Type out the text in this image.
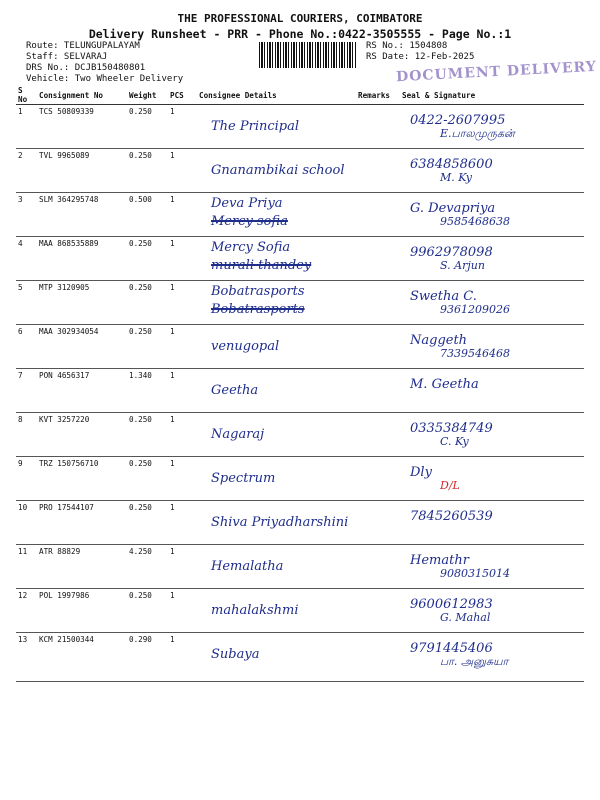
THE PROFESSIONAL COURIERS, COIMBATORE
Delivery Runsheet - PRR - Phone No.:0422-3505555 - Page No.:1
Route: TELUNGUPALAYAM
Staff: SELVARAJ
DRS No.: DCJB150480801
Vehicle: Two Wheeler Delivery
RS No.: 1504808
RS Date: 12-Feb-2025
DOCUMENT DELIVERY
S No	Consignment No	Weight	PCS	Consignee Details	Remarks	Seal & Signature
1	TCS 50809339	0.250	1	The Principal		0422-2607995
E.பாலமுருகன்

2	TVL 9965089	0.250	1	Gnanambikai school		6384858600
M. Ky

3	SLM 364295748	0.500	1	Deva Priya
Mercy sofia		G. Devapriya
9585468638

4	MAA 868535889	0.250	1	Mercy Sofia
murali thandey		9962978098
S. Arjun

5	MTP 3120905	0.250	1	Bobatrasports
Bobatrasports		Swetha C.
9361209026

6	MAA 302934054	0.250	1	venugopal		Naggeth
7339546468

7	PON 4656317	1.340	1	Geetha		M. Geetha

8	KVT 3257220	0.250	1	Nagaraj		0335384749
C. Ky

9	TRZ 150756710	0.250	1	Spectrum		Dly
D/L

10	PRO 17544107	0.250	1	Shiva Priyadharshini		7845260539

11	ATR 88829	4.250	1	Hemalatha		Hemathr
9080315014

12	POL 1997986	0.250	1	mahalakshmi		9600612983
G. Mahal

13	KCM 21500344	0.290	1	Subaya		9791445406
பா. அனுசுயா
